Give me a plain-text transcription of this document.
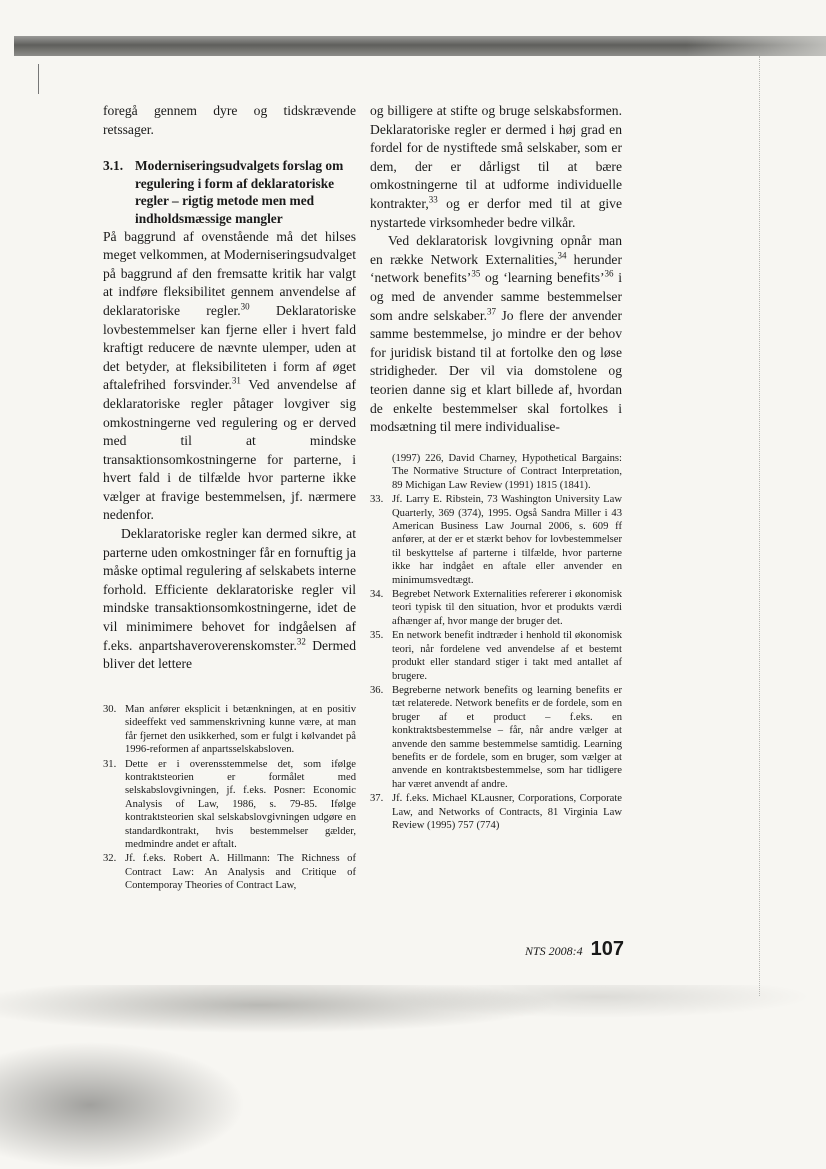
foregå gennem dyre og tidskrævende retssager.

3.1. Moderniseringsudvalgets forslag om regulering i form af deklaratoriske regler – rigtig metode men med indholdsmæssige mangler

På baggrund af ovenstående må det hilses meget velkommen, at Moderniseringsudvalget på baggrund af den fremsatte kritik har valgt at indføre fleksibilitet gennem anvendelse af deklaratoriske regler.$^{30}$ Deklaratoriske lovbestemmelser kan fjerne eller i hvert fald kraftigt reducere de nævnte ulemper, uden at det betyder, at fleksibiliteten i form af øget aftalefrihed forsvinder.$^{31}$ Ved anvendelse af deklaratoriske regler påtager lovgiver sig omkostningerne ved regulering og er derved med til at mindske transaktionsomkostningerne for parterne, i hvert fald i de tilfælde hvor parterne ikke vælger at fravige bestemmelsen, jf. nærmere nedenfor.

Deklaratoriske regler kan dermed sikre, at parterne uden omkostninger får en fornuftig ja måske optimal regulering af selskabets interne forhold. Efficiente deklaratoriske regler vil mindske transaktionsomkostningerne, idet de vil minimimere behovet for indgåelsen af f.eks. anpartshaveroverenskomster.$^{32}$ Dermed bliver det lettere

og billigere at stifte og bruge selskabsformen. Deklaratoriske regler er dermed i høj grad en fordel for de nystiftede små selskaber, som er dem, der er dårligst til at bære omkostningerne til at udforme individuelle kontrakter,$^{33}$ og er derfor med til at give nystartede virksomheder bedre vilkår.

Ved deklaratorisk lovgivning opnår man en række Network Externalities,$^{34}$ herunder ‘network benefits’$^{35}$ og ‘learning benefits’$^{36}$ i og med de anvender samme bestemmelser som andre selskaber.$^{37}$ Jo flere der anvender samme bestemmelse, jo mindre er der behov for juridisk bistand til at fortolke den og løse stridigheder. Der vil via domstolene og teorien danne sig et klart billede af, hvordan de enkelte bestemmelser skal fortolkes i modsætning til mere individualise-

30. Man anfører eksplicit i betænkningen, at en positiv sideeffekt ved sammenskrivning kunne være, at man får fjernet den usikkerhed, som er fulgt i kølvandet på 1996-reformen af anpartsselskabsloven.
31. Dette er i overensstemmelse det, som ifølge kontraktsteorien er formålet med selskabslovgivningen, jf. f.eks. Posner: Economic Analysis of Law, 1986, s. 79-85. Ifølge kontraktsteorien skal selskabslovgivningen udgøre en standardkontrakt, hvis bestemmelser gælder, medmindre andet er aftalt.
32. Jf. f.eks. Robert A. Hillmann: The Richness of Contract Law: An Analysis and Critique of Contemporay Theories of Contract Law,
(1997) 226, David Charney, Hypothetical Bargains: The Normative Structure of Contract Interpretation, 89 Michigan Law Review (1991) 1815 (1841).
33. Jf. Larry E. Ribstein, 73 Washington University Law Quarterly, 369 (374), 1995. Også Sandra Miller i 43 American Business Law Journal 2006, s. 609 ff anfører, at der er et stærkt behov for lovbestemmelser til beskyttelse af parterne i tilfælde, hvor parterne ikke har indgået en aftale eller anvender en minimumsvedtægt.
34. Begrebet Network Externalities refererer i økonomisk teori typisk til den situation, hvor et produkts værdi afhænger af, hvor mange der bruger det.
35. En network benefit indtræder i henhold til økonomisk teori, når fordelene ved anvendelse af et bestemt produkt eller standard stiger i takt med antallet af brugere.
36. Begreberne network benefits og learning benefits er tæt relaterede. Network benefits er de fordele, som en bruger af et product – f.eks. en konktraktsbestemmelse – får, når andre vælger at anvende den samme bestemmelse samtidig. Learning benefits er de fordele, som en bruger, som vælger at anvende en kontraktsbestemmelse, som har tidligere har været anvendt af andre.
37. Jf. f.eks. Michael KLausner, Corporations, Corporate Law, and Networks of Contracts, 81 Virginia Law Review (1995) 757 (774)
NTS 2008:4 107
